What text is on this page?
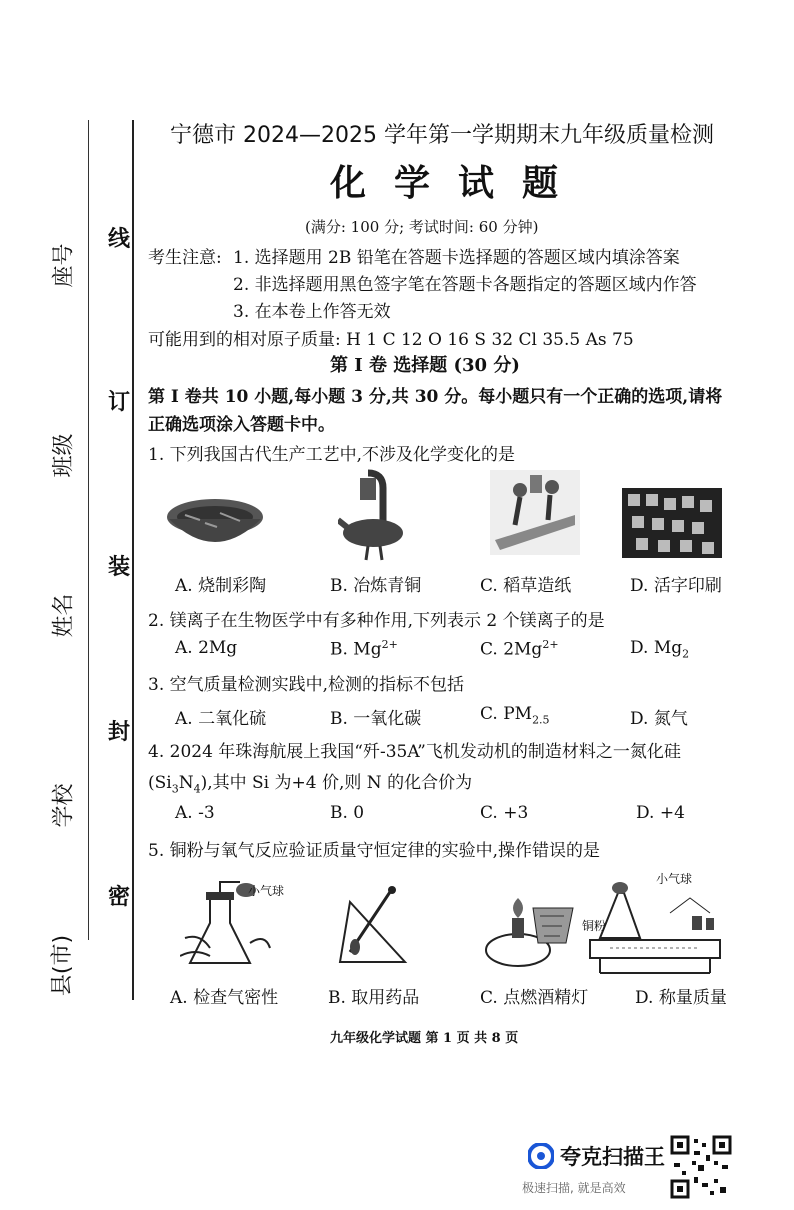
线
订
装
封
密
座号
班级
姓名
学校
县(市)
宁德市 2024—2025 学年第一学期期末九年级质量检测
化学试题
(满分: 100 分; 考试时间: 60 分钟)
考生注意: 1. 选择题用 2B 铅笔在答题卡选择题的答题区域内填涂答案
2. 非选择题用黑色签字笔在答题卡各题指定的答题区域内作答
3. 在本卷上作答无效
可能用到的相对原子质量: H 1 C 12 O 16 S 32 Cl 35.5 As 75
第 I 卷 选择题 (30 分)
第 I 卷共 10 小题,每小题 3 分,共 30 分。每小题只有一个正确的选项,请将
正确选项涂入答题卡中。
1. 下列我国古代生产工艺中,不涉及化学变化的是
A. 烧制彩陶	B. 冶炼青铜	C. 稻草造纸	D. 活字印刷
2. 镁离子在生物医学中有多种作用,下列表示 2 个镁离子的是
A. 2Mg	B. $Mg^{2+}$	C. $2Mg^{2+}$	D. $Mg_2$
3. 空气质量检测实践中,检测的指标不包括
A. 二氧化硫	B. 一氧化碳	C. $PM_{2.5}$	D. 氮气
4. 2024 年珠海航展上我国“歼-35A”飞机发动机的制造材料之一氮化硅
$(Si_3N_4)$,其中 Si 为+4 价,则 N 的化合价为
A. -3	B. 0	C. +3	D. +4
5. 铜粉与氧气反应验证质量守恒定律的实验中,操作错误的是
小气球
小气球
铜粉
A. 检查气密性	B. 取用药品	C. 点燃酒精灯	D. 称量质量
九年级化学试题 第 1 页 共 8 页
夸克扫描王
极速扫描, 就是高效
